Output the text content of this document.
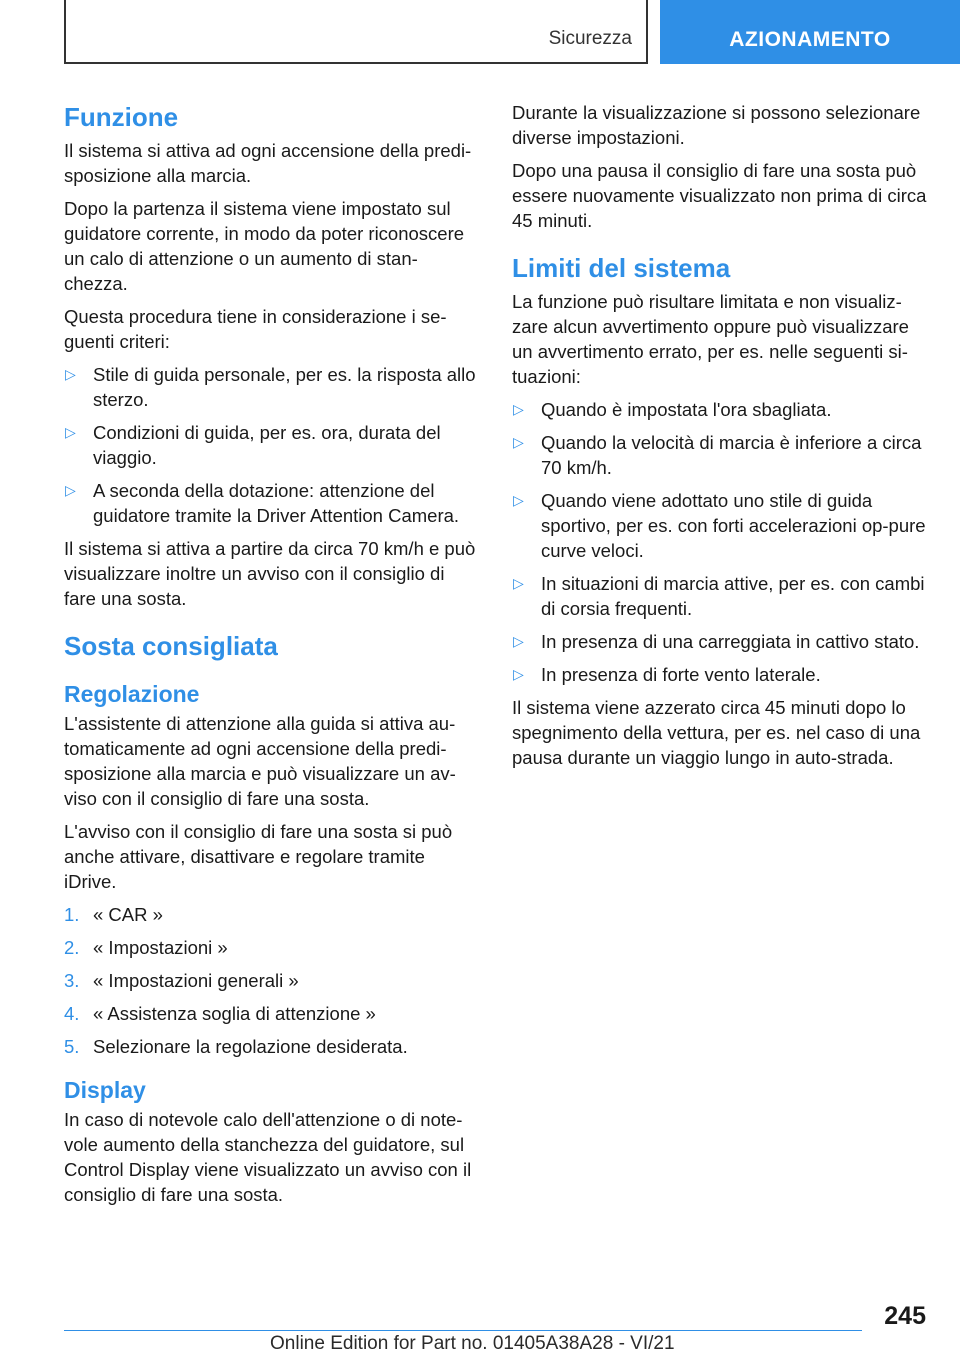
Sicurezza	AZIONAMENTO
Funzione

Il sistema si attiva ad ogni accensione della predi-sposizione alla marcia.

Dopo la partenza il sistema viene impostato sul guidatore corrente, in modo da poter riconoscere un calo di attenzione o un aumento di stan-chezza.

Questa procedura tiene in considerazione i se-guenti criteri:

▷ Stile di guida personale, per es. la risposta allo sterzo.
▷ Condizioni di guida, per es. ora, durata del viaggio.
▷ A seconda della dotazione: attenzione del guidatore tramite la Driver Attention Camera.

Il sistema si attiva a partire da circa 70 km/h e può visualizzare inoltre un avviso con il consiglio di fare una sosta.

Sosta consigliata
Regolazione

L'assistente di attenzione alla guida si attiva au-tomaticamente ad ogni accensione della predi-sposizione alla marcia e può visualizzare un av-viso con il consiglio di fare una sosta.

L'avviso con il consiglio di fare una sosta si può anche attivare, disattivare e regolare tramite iDrive.

1. « CAR »
2. « Impostazioni »
3. « Impostazioni generali »
4. « Assistenza soglia di attenzione »
5. Selezionare la regolazione desiderata.
Display

In caso di notevole calo dell'attenzione o di note-vole aumento della stanchezza del guidatore, sul Control Display viene visualizzato un avviso con il consiglio di fare una sosta.

Durante la visualizzazione si possono selezionare diverse impostazioni.

Dopo una pausa il consiglio di fare una sosta può essere nuovamente visualizzato non prima di circa 45 minuti.

Limiti del sistema

La funzione può risultare limitata e non visualiz-zare alcun avvertimento oppure può visualizzare un avvertimento errato, per es. nelle seguenti si-tuazioni:

▷ Quando è impostata l'ora sbagliata.
▷ Quando la velocità di marcia è inferiore a circa 70 km/h.
▷ Quando viene adottato uno stile di guida sportivo, per es. con forti accelerazioni op-pure curve veloci.
▷ In situazioni di marcia attive, per es. con cambi di corsia frequenti.
▷ In presenza di una carreggiata in cattivo stato.
▷ In presenza di forte vento laterale.

Il sistema viene azzerato circa 45 minuti dopo lo spegnimento della vettura, per es. nel caso di una pausa durante un viaggio lungo in auto-strada.

245
Online Edition for Part no. 01405A38A28 - VI/21
